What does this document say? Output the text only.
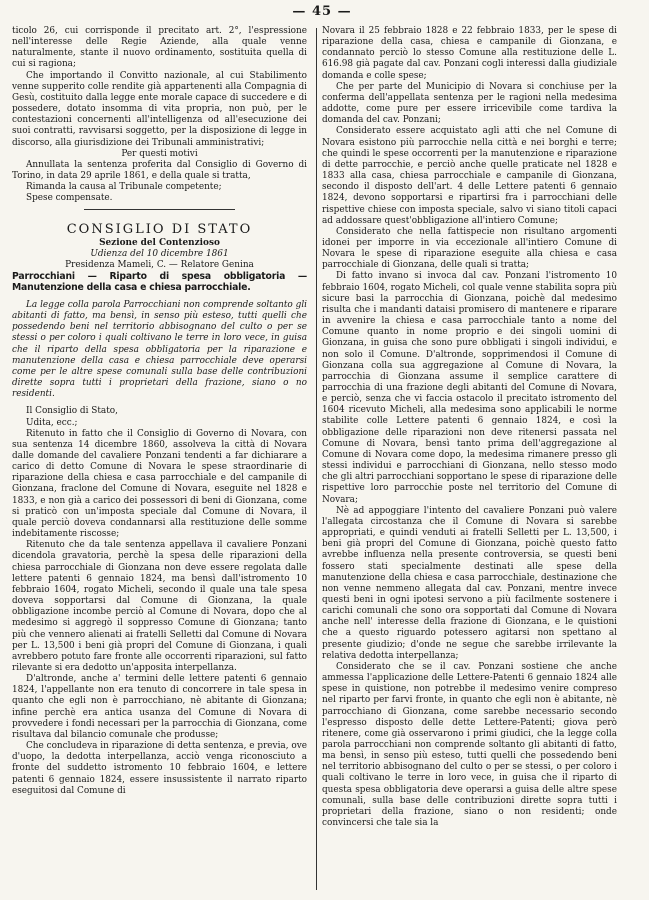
— 45 —

ticolo 26, cui corrisponde il precitato art. 2°, l'espressione nell'interesse delle Regie Aziende, alla quale venne naturalmente, stante il nuovo ordinamento, sostituita quella di cui si ragiona;

Che importando il Convitto nazionale, al cui Stabilimento venne supperito colle rendite già appartenenti alla Compagnia di Gesù, costituito dalla legge ente morale capace di succedere e di possedere, dotato insomma di vita propria, non può, per le contestazioni concernenti all'intelligenza od all'esecuzione dei suoi contratti, ravvisarsi soggetto, per la disposizione di legge in discorso, alla giurisdizione dei Tribunali amministrativi;

Per questi motivi

Annullata la sentenza proferita dal Consiglio di Governo di Torino, in data 29 aprile 1861, e della quale si tratta,

Rimanda la causa al Tribunale competente;

Spese compensate.

CONSIGLIO DI STATO

Sezione del Contenzioso

Udienza del 10 dicembre 1861

Presidenza Mameli, C. — Relatore Genina

Parrocchiani — Riparto di spesa obbligatoria — Manutenzione della casa e chiesa parrocchiale.

La legge colla parola Parrocchiani non comprende soltanto gli abitanti di fatto, ma bensì, in senso più esteso, tutti quelli che possedendo beni nel territorio abbisognano del culto o per se stessi o per coloro i quali coltivano le terre in loro vece, in guisa che il riparto della spesa obbligatoria per la riparazione e manutenzione della casa e chiesa parrocchiale deve operarsi come per le altre spese comunali sulla base delle contribuzioni dirette sopra tutti i proprietari della frazione, siano o no residenti.

Il Consiglio di Stato,

Udita, ecc.;

Ritenuto in fatto che il Consiglio di Governo di Novara, con sua sentenza 14 dicembre 1860, assolveva la città di Novara dalle domande del cavaliere Ponzani tendenti a far dichiarare a carico di detto Comune di Novara le spese straordinarie di riparazione della chiesa e casa parrocchiale e del campanile di Gionzana, fraclone del Comune di Novara, eseguite nel 1828 e 1833, e non già a carico dei possessori di beni di Gionzana, come si praticò con un'imposta speciale dal Comune di Novara, il quale perciò doveva condannarsi alla restituzione delle somme indebitamente riscosse;

Ritenuto che da tale sentenza appellava il cavaliere Ponzani dicendola gravatoria, perchè la spesa delle riparazioni della chiesa parrocchiale di Gionzana non deve essere regolata dalle lettere patenti 6 gennaio 1824, ma bensì dall'istromento 10 febbraio 1604, rogato Micheli, secondo il quale una tale spesa doveva sopportarsi dal Comune di Gionzana, la quale obbligazione incombe perciò al Comune di Novara, dopo che al medesimo si aggregò il soppresso Comune di Gionzana; tanto più che vennero alienati ai fratelli Selletti dal Comune di Novara per L. 13,500 i beni già propri del Comune di Gionzana, i quali avrebbero potuto fare fronte alle occorrenti riparazioni, sul fatto rilevante si era dedotto un'apposita interpellanza.

D'altronde, anche a' termini delle lettere patenti 6 gennaio 1824, l'appellante non era tenuto di concorrere in tale spesa in quanto che egli non è parrocchiano, nè abitante di Gionzana; infine perchè era antica usanza del Comune di Novara di provvedere i fondi necessari per la parrocchia di Gionzana, come risultava dal bilancio comunale che produsse;

Che concludeva in riparazione di detta sentenza, e previa, ove d'uopo, la dedotta interpellanza, acciò venga riconosciuto a fronte del suddetto istromento 10 febbraio 1604, e lettere patenti 6 gennaio 1824, essere insussistente il narrato riparto eseguitosi dal Comune di

Novara il 25 febbraio 1828 e 22 febbraio 1833, per le spese di riparazione della casa, chiesa e campanile di Gionzana, e condannato perciò lo stesso Comune alla restituzione delle L. 616.98 già pagate dal cav. Ponzani cogli interessi dalla giudiziale domanda e colle spese;

Che per parte del Municipio di Novara si conchiuse per la conferma dell'appellata sentenza per le ragioni nella medesima addotte, come pure per essere irricevibile come tardiva la domanda del cav. Ponzani;

Considerato essere acquistato agli atti che nel Comune di Novara esistono più parrocchie nella città e nei borghi e terre; che quindi le spese occorrenti per la manutenzione e riparazione di dette parrocchie, e perciò anche quelle praticate nel 1828 e 1833 alla casa, chiesa parrocchiale e campanile di Gionzana, secondo il disposto dell'art. 4 delle Lettere patenti 6 gennaio 1824, devono sopportarsi e ripartirsi fra i parrocchiani delle rispettive chiese con imposta speciale, salvo vi siano titoli capaci ad addossare quest'obbligazione all'intiero Comune;

Considerato che nella fattispecie non risultano argomenti idonei per imporre in via eccezionale all'intiero Comune di Novara le spese di riparazione eseguite alla chiesa e casa parrocchiale di Gionzana, delle quali si tratta;

Di fatto invano si invoca dal cav. Ponzani l'istromento 10 febbraio 1604, rogato Micheli, col quale venne stabilita sopra più sicure basi la parrocchia di Gionzana, poichè dal medesimo risulta che i mandanti dataisi promisero di mantenere e riparare in avvenire la chiesa e casa parrocchiale tanto a nome del Comune quanto in nome proprio e dei singoli uomini di Gionzana, in guisa che sono pure obbligati i singoli individui, e non solo il Comune. D'altronde, sopprimendosi il Comune di Gionzana colla sua aggregazione al Comune di Novara, la parrocchia di Gionzana assume il semplice carattere di parrocchia di una frazione degli abitanti del Comune di Novara, e perciò, senza che vi faccia ostacolo il precitato istromento del 1604 ricevuto Micheli, alla medesima sono applicabili le norme stabilite colle Lettere patenti 6 gennaio 1824, e così la obbligazione delle riparazioni non deve ritenersi passata nel Comune di Novara, bensì tanto prima dell'aggregazione al Comune di Novara come dopo, la medesima rimanere presso gli stessi individui e parrocchiani di Gionzana, nello stesso modo che gli altri parrocchiani sopportano le spese di riparazione delle rispettive loro parrocchie poste nel territorio del Comune di Novara;

Nè ad appoggiare l'intento del cavaliere Ponzani può valere l'allegata circostanza che il Comune di Novara si sarebbe appropriati, e quindi venduti ai fratelli Selletti per L. 13,500, i beni già propri del Comune di Gionzana, poichè questo fatto avrebbe influenza nella presente controversia, se questi beni fossero stati specialmente destinati alle spese della manutenzione della chiesa e casa parrocchiale, destinazione che non venne nemmeno allegata dal cav. Ponzani, mentre invece questi beni in ogni ipotesi servono a più facilmente sostenere i carichi comunali che sono ora sopportati dal Comune di Novara anche nell' interesse della frazione di Gionzana, e le quistioni che a questo riguardo potessero agitarsi non spettano al presente giudizio; d'onde ne segue che sarebbe irrilevante la relativa dedotta interpellanza;

Considerato che se il cav. Ponzani sostiene che anche ammessa l'applicazione delle Lettere-Patenti 6 gennaio 1824 alle spese in quistione, non potrebbe il medesimo venire compreso nel riparto per farvi fronte, in quanto che egli non è abitante, nè parrocchiano di Gionzana, come sarebbe necessario secondo l'espresso disposto delle dette Lettere-Patenti; giova però ritenere, come già osservarono i primi giudici, che la legge colla parola parrocchiani non comprende soltanto gli abitanti di fatto, ma bensì, in senso più esteso, tutti quelli che possedendo beni nel territorio abbisognano del culto o per se stessi, o per coloro i quali coltivano le terre in loro vece, in guisa che il riparto di questa spesa obbligatoria deve operarsi a guisa delle altre spese comunali, sulla base delle contribuzioni dirette sopra tutti i proprietari della frazione, siano o non residenti; onde convincersi che tale sia la
